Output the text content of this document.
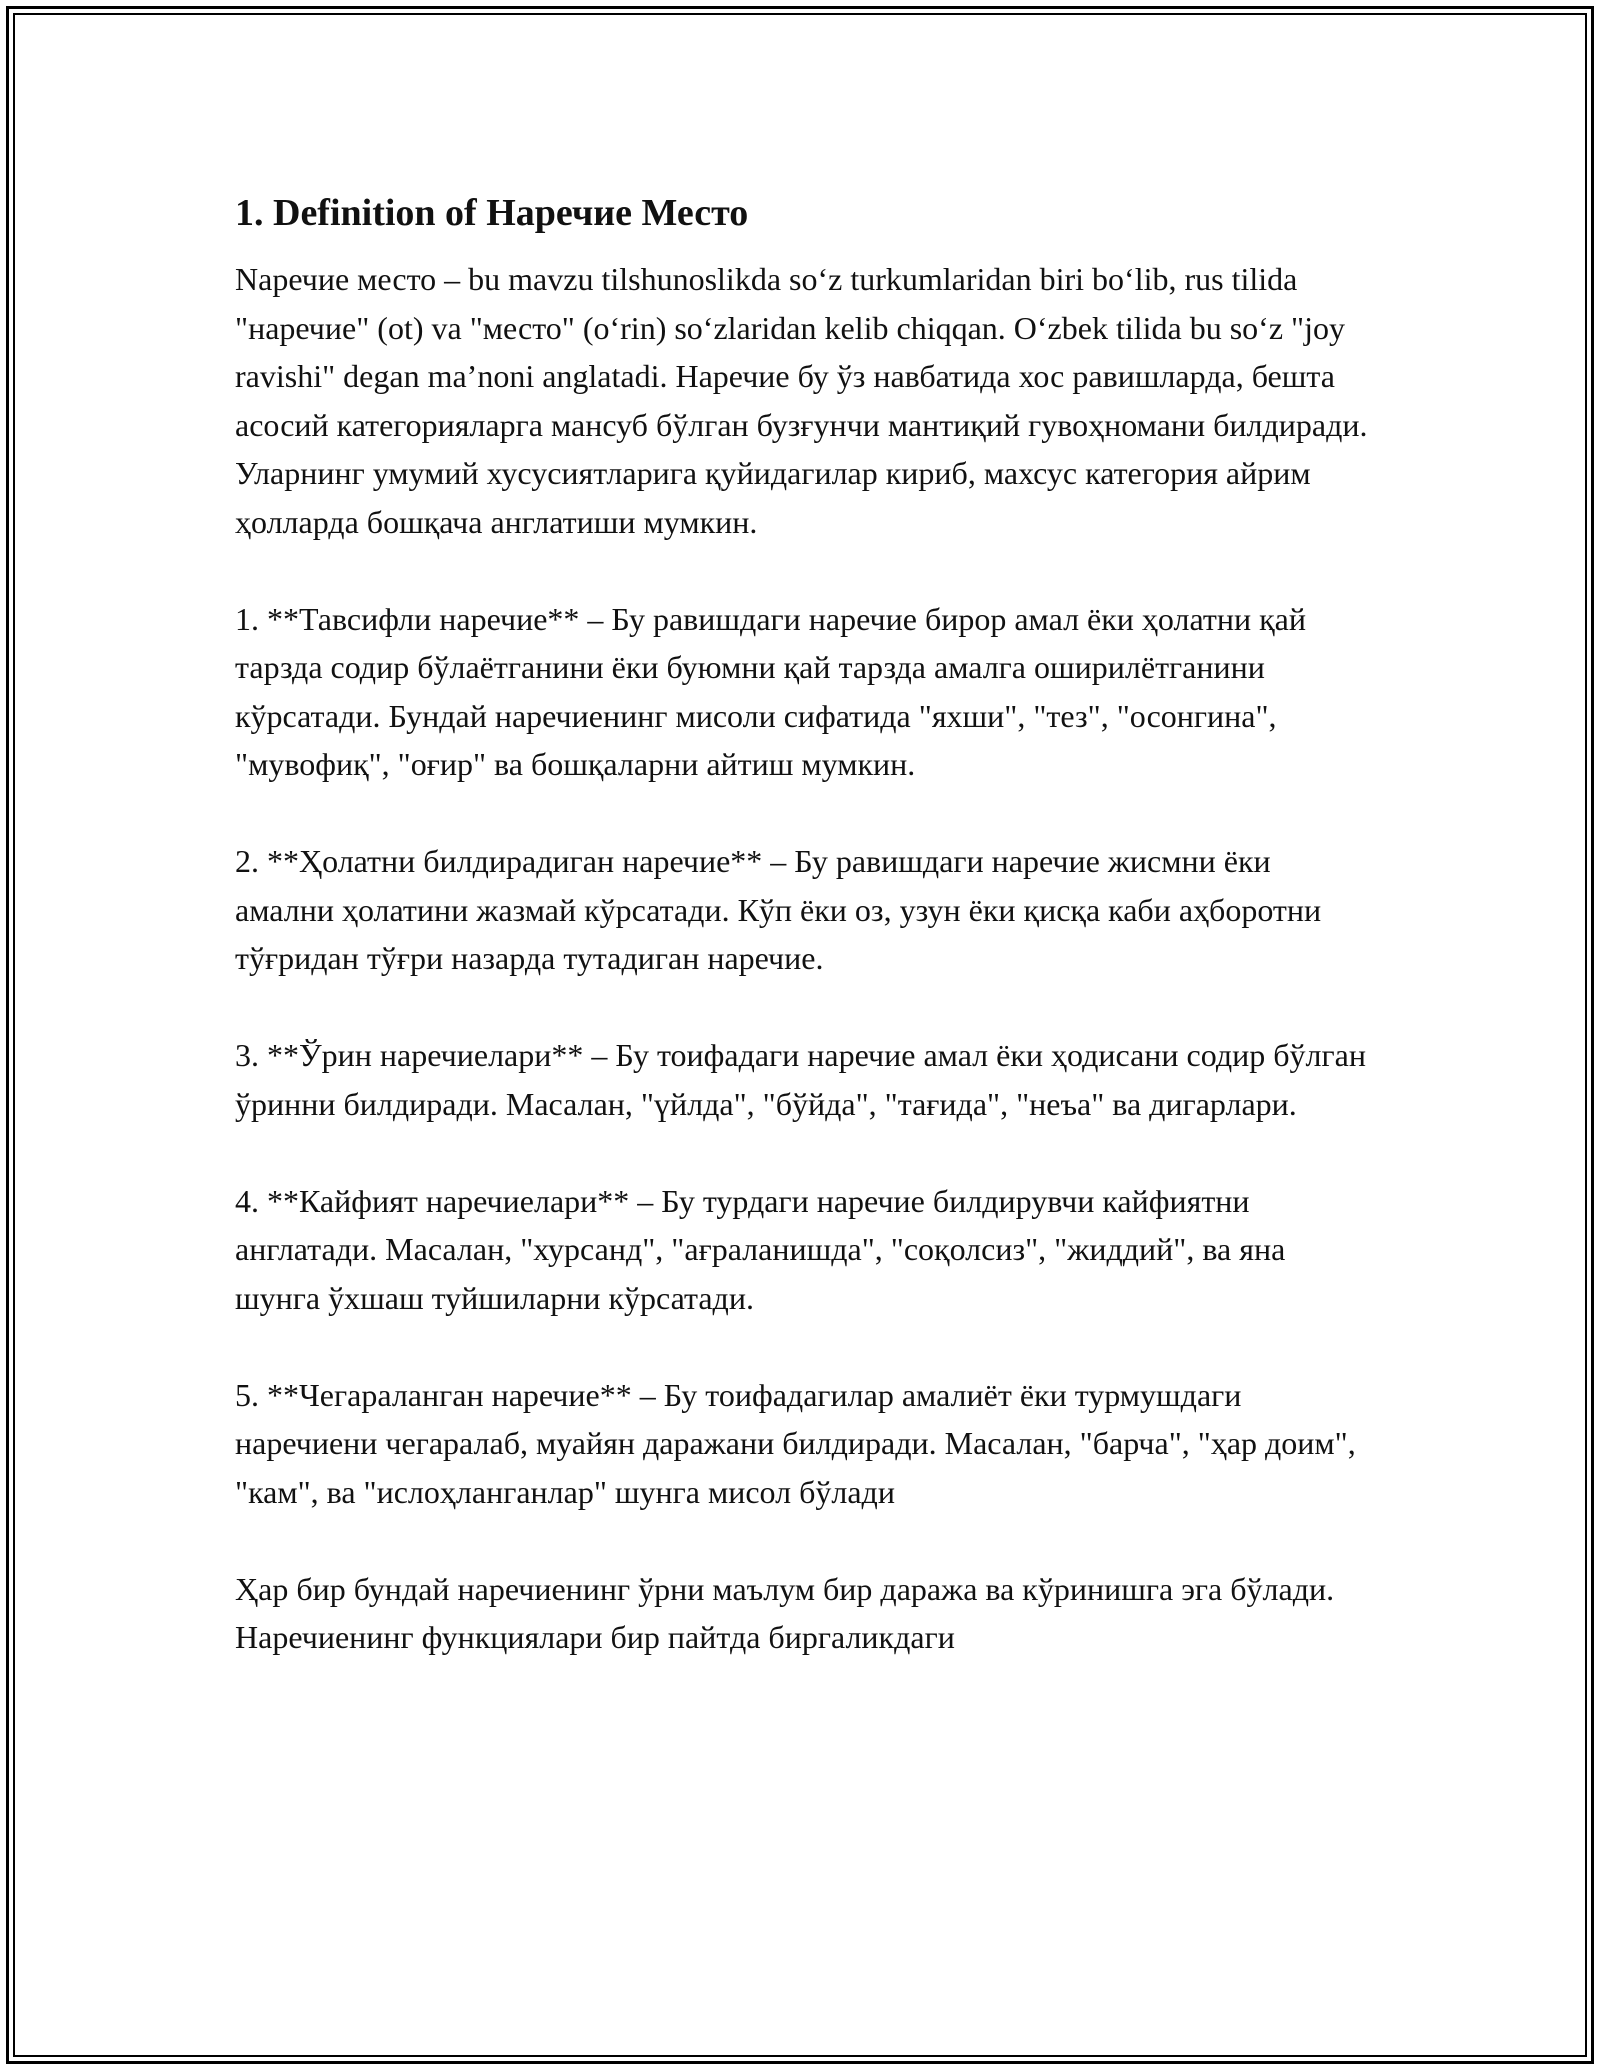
1. Definition of Наречие Место

Nаречие место – bu mavzu tilshunoslikda soʻz turkumlaridan biri boʻlib, rus tilida "наречие" (ot) va "место" (oʻrin) soʻzlaridan kelib chiqqan. Oʻzbek tilida bu soʻz "joy ravishi" degan maʼnoni anglatadi. Наречие бу ўз навбатида хос равишларда, бешта асосий категорияларга мансуб бўлган бузғунчи мантиқий гувоҳномани билдиради. Уларнинг умумий хусусиятларига қуйидагилар кириб, махсус категория айрим ҳолларда бошқача англатиши мумкин.

1. **Тавсифли наречие** – Бу равишдаги наречие бирор амал ёки ҳолатни қай тарзда содир бўлаётганини ёки буюмни қай тарзда амалга оширилётганини кўрсатади. Бундай наречиенинг мисоли сифатида "яхши", "тез", "осонгина", "мувофиқ", "оғир" ва бошқаларни айтиш мумкин.

2. **Ҳолатни билдирадиган наречие** – Бу равишдаги наречие жисмни ёки амални ҳолатини жазмай кўрсатади. Кўп ёки оз, узун ёки қисқа каби аҳборотни тўғридан тўғри назарда тутадиган наречие.

3. **Ўрин наречиелари** – Бу тоифадаги наречие амал ёки ҳодисани содир бўлган ўринни билдиради. Масалан, "үйлда", "бўйда", "тағида", "неъа" ва дигарлари.

4. **Кайфият наречиелари** – Бу турдаги наречие билдирувчи кайфиятни англатади. Масалан, "хурсанд", "ағраланишда", "соқолсиз", "жиддий", ва яна шунга ўхшаш туйшиларни кўрсатади.

5. **Чегараланган наречие** – Бу тоифадагилар амалиёт ёки турмушдаги наречиени чегаралаб, муайян даражани билдиради. Масалан, "барча", "ҳар доим", "кам", ва "ислоҳланганлар" шунга мисол бўлади

Ҳар бир бундай наречиенинг ўрни маълум бир даража ва кўринишга эга бўлади. Наречиенинг функциялари бир пайтда биргаликдаги
